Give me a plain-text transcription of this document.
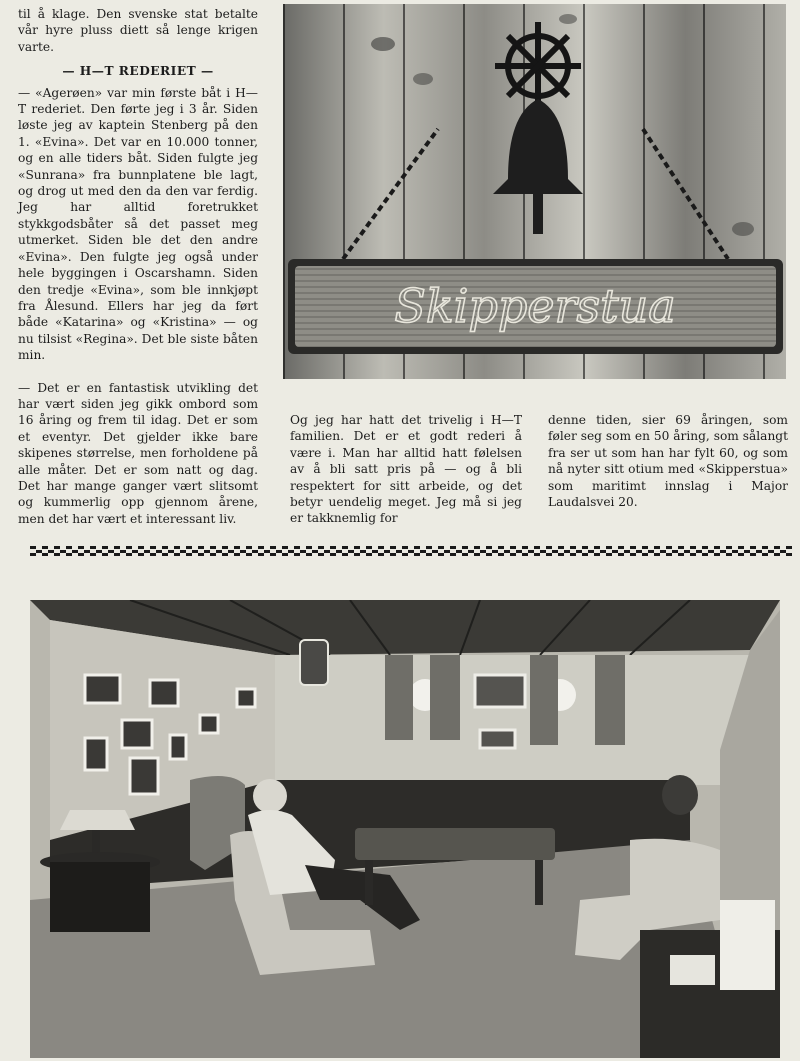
til å klage. Den svenske stat betalte vår hyre pluss diett så lenge krigen varte.

— H—T REDERIET —

— «Agerøen» var min første båt i H—T rederiet. Den førte jeg i 3 år. Siden løste jeg av kaptein Stenberg på den 1. «Evina». Det var en 10.000 tonner, og en alle tiders båt. Siden fulgte jeg «Sunrana» fra bunnplatene ble lagt, og drog ut med den da den var ferdig. Jeg har alltid foretrukket stykkgodsbåter så det passet meg utmerket. Siden ble det den andre «Evina». Den fulgte jeg også under hele byggingen i Oscarshamn. Siden den tredje «Evina», som ble innkjøpt fra Ålesund. Ellers har jeg da ført både «Katarina» og «Kristina» — og nu tilsist «Regina». Det ble siste båten min.

— Det er en fantastisk utvikling det har vært siden jeg gikk ombord som 16 åring og frem til idag. Det er som et eventyr. Det gjelder ikke bare skipenes størrelse, men forholdene på alle måter. Det er som natt og dag. Det har mange ganger vært slitsomt og kummerlig opp gjennom årene, men det har vært et interessant liv.

Skipperstua

Og jeg har hatt det trivelig i H—T familien. Det er et godt rederi å være i. Man har alltid hatt følelsen av å bli satt pris på — og å bli respektert for sitt arbeide, og det betyr uendelig meget. Jeg må si jeg er takknemlig for

denne tiden, sier 69 åringen, som føler seg som en 50 åring, som sålangt fra ser ut som han har fylt 60, og som nå nyter sitt otium med «Skipperstua» som maritimt innslag i Major Laudalsvei 20.
